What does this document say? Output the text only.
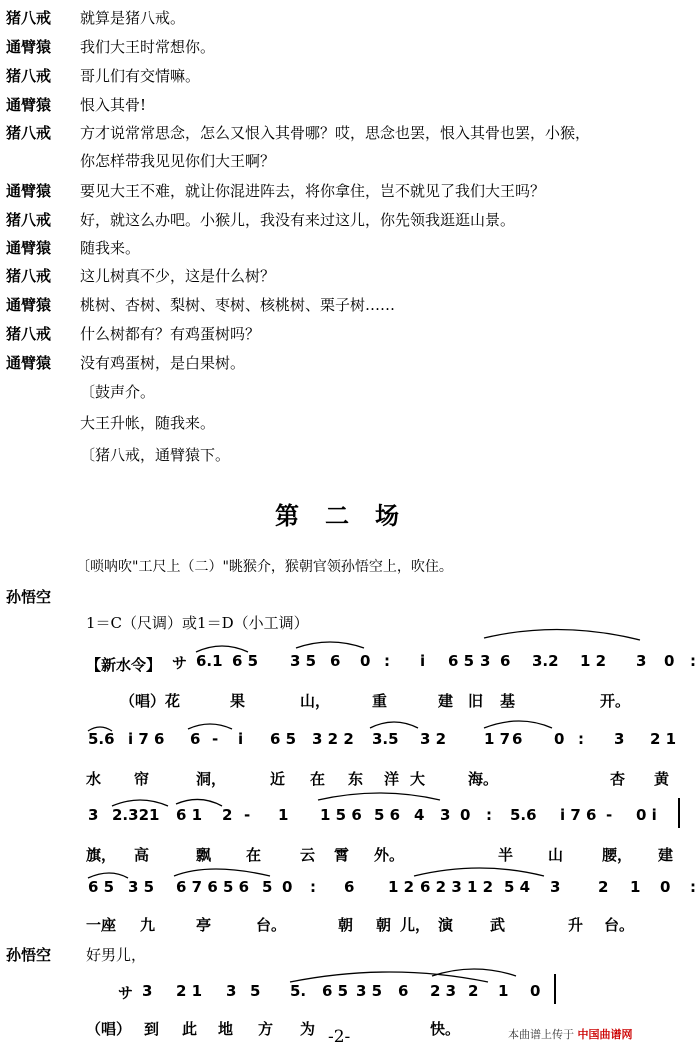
猪八戒	就算是猪八戒。
通臂猿	我们大王时常想你。
猪八戒	哥儿们有交情嘛。
通臂猿	恨入其骨!
猪八戒	方才说常常思念，怎么又恨入其骨哪？哎，思念也罢，恨入其骨也罢，小猴，
你怎样带我见见你们大王啊？
通臂猿	要见大王不难，就让你混进阵去，将你拿住，岂不就见了我们大王吗？
猪八戒	好，就这么办吧。小猴儿，我没有来过这儿，你先领我逛逛山景。
通臂猿	随我来。
猪八戒	这儿树真不少，这是什么树？
通臂猿	桃树、杏树、梨树、枣树、核桃树、栗子树……
猪八戒	什么树都有？有鸡蛋树吗？
通臂猿	没有鸡蛋树，是白果树。
〔鼓声介。
大王升帐，随我来。
〔猪八戒，通臂猿下。
第二场
〔唢呐吹"工尺上（二）"眺猴介，猴朝官领孙悟空上，吹住。
孙悟空
1＝C（尺调）或1＝D（小工调）
【新水令】 サ 6.1 6 5 3 5 6 0 : i 6 5 3 6 3.2 1 2 3 0 :
（唱）花	果	山，	重	建 旧 基	开。
5.6 i 7 6 6 - i 6 5 3 2 2 3.5 3 2	1 7 6 0 : 3 2 1
水 帘	洞，	近 在 东 洋 大	海。	杏 黄
3 2.321 6 1 2 - 1 1 5 6 5 6 4 3 0 : 5.6 i 7 6 - 0 i
旗， 高	飘 在	云 霄 外。	半 山	腰， 建
6 5 3 5 6 7 6 5 6 5 0 : 6 1 2 6 2 3 1 2 5 4 3	2 1 0 :
一座 九	亭	台。	朝 朝 儿， 演 武	升 台。
孙悟空 好男儿，
サ 3 2 1 3 5 5. 6 5 3 5 6 2 3 2 1 0
（唱） 到 此 地 方 为	快。
-2-	本曲谱上传于 中国曲谱网
